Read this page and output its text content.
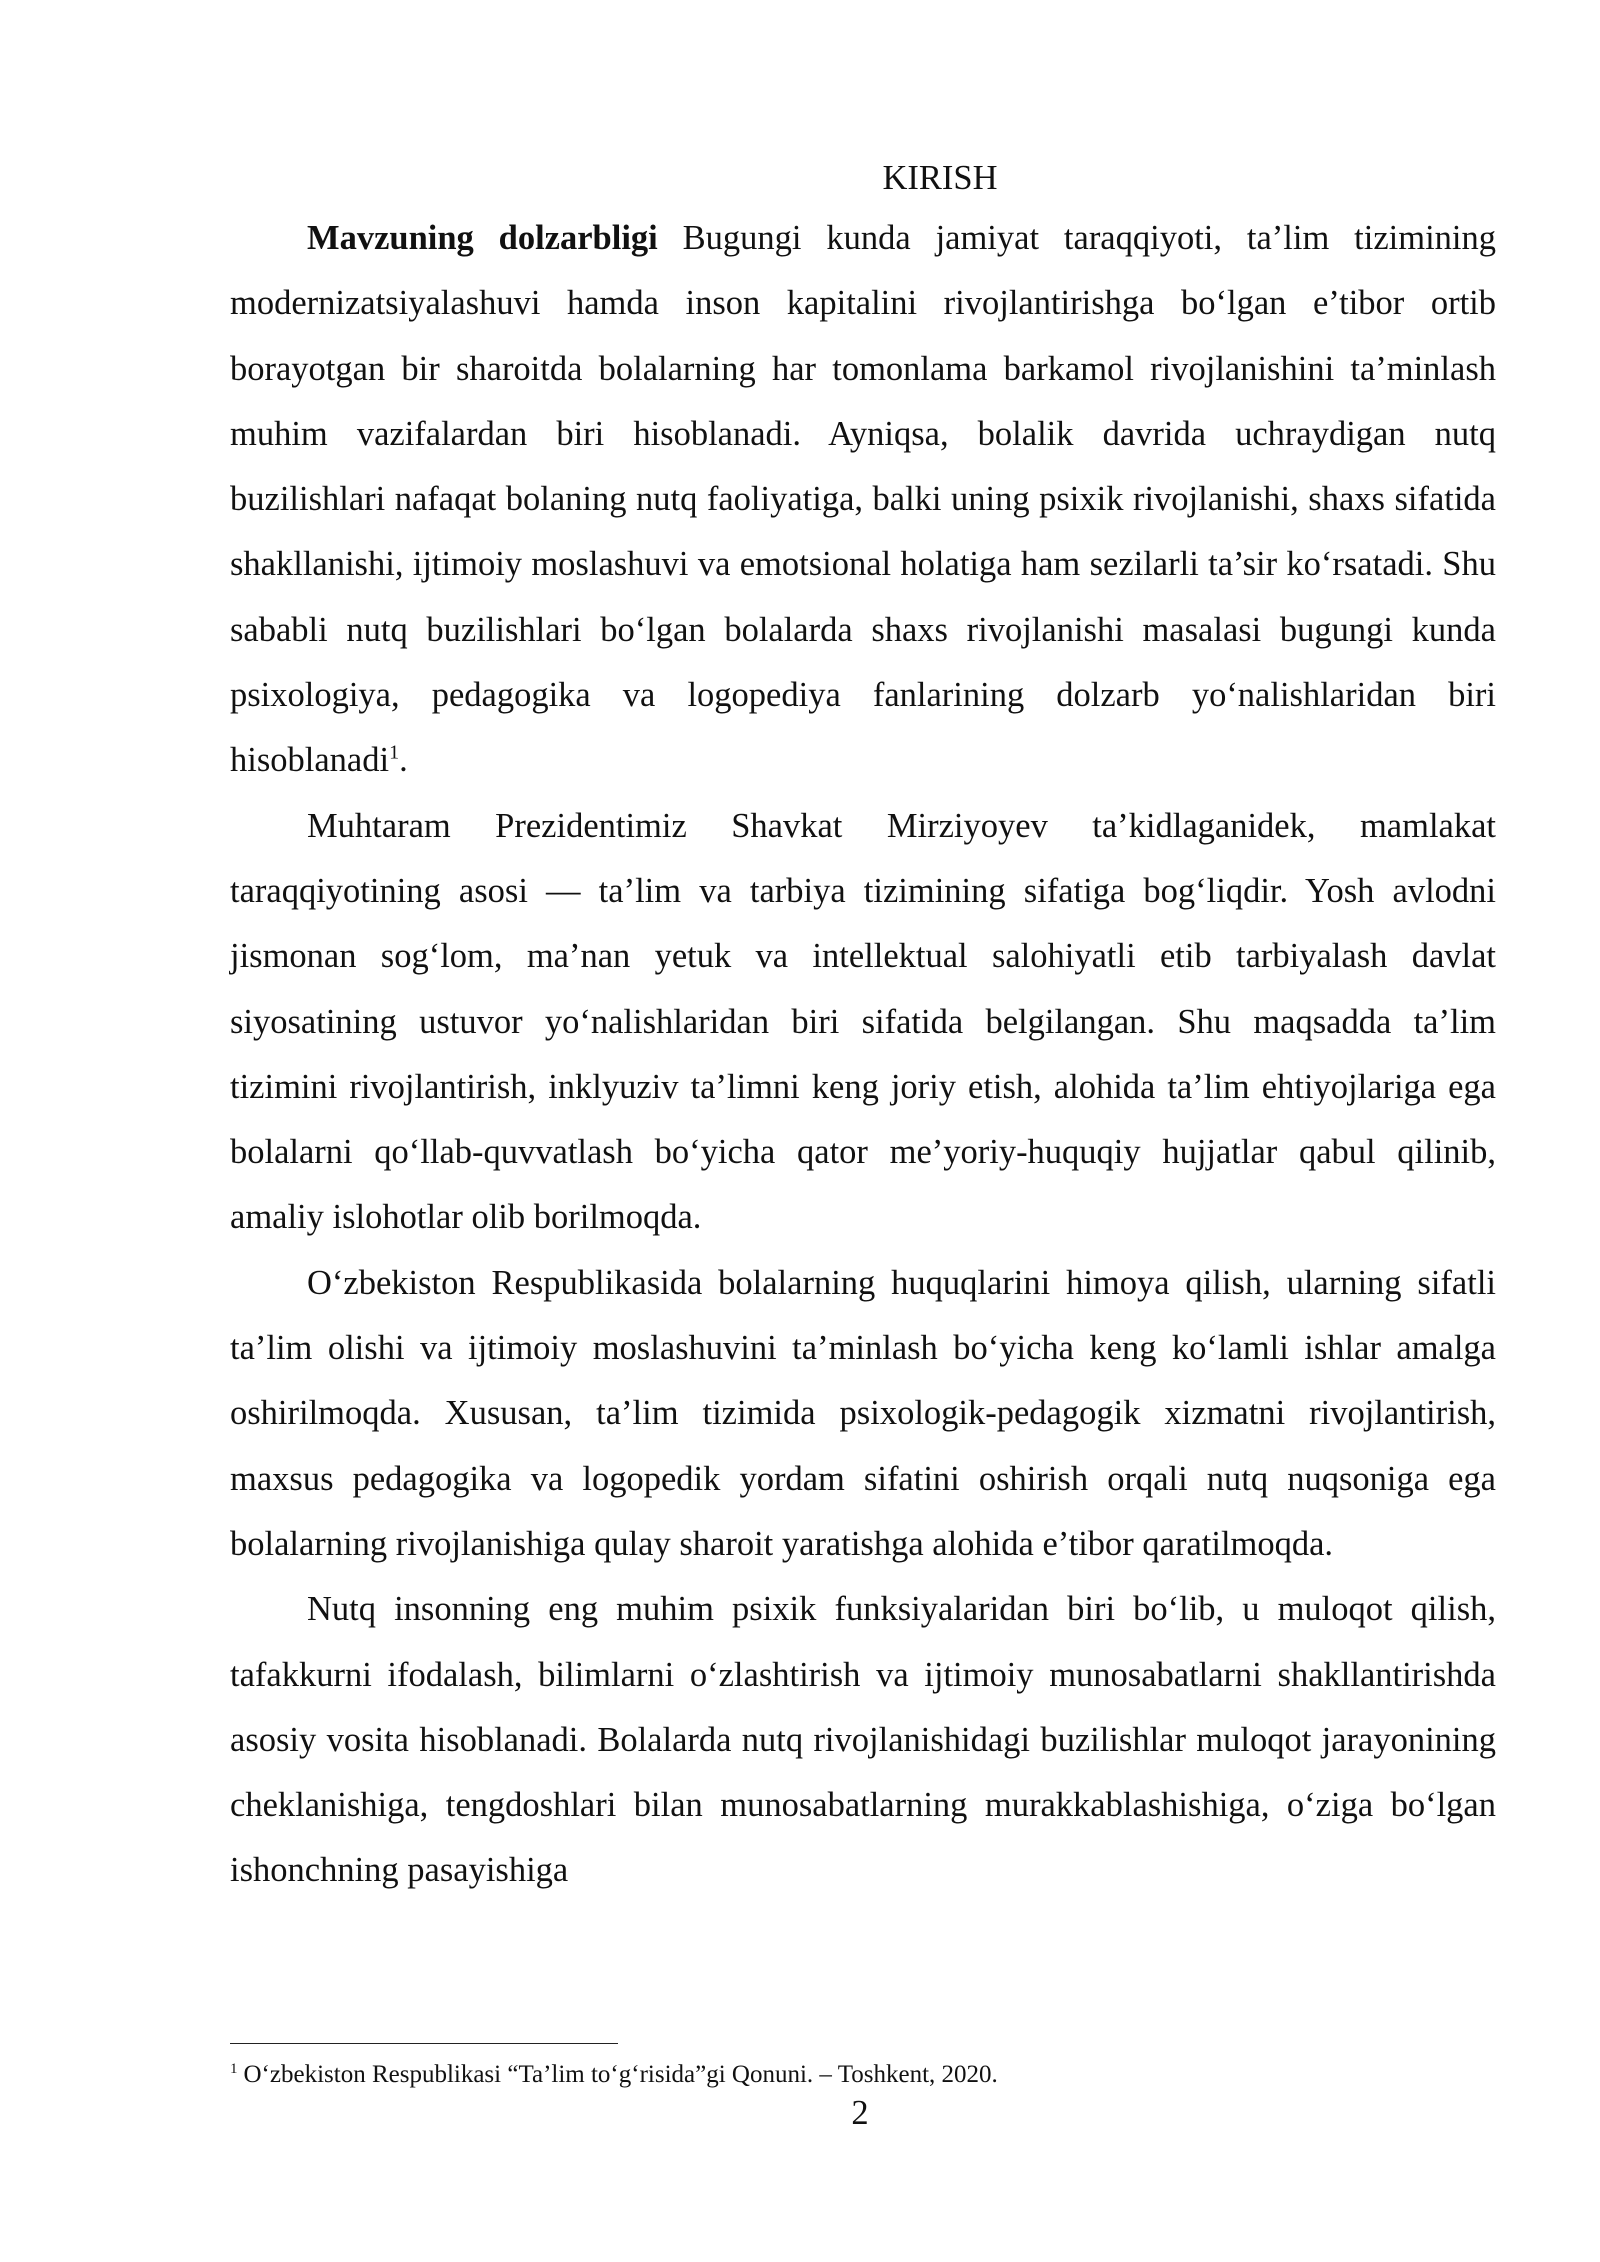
KIRISH

Mavzuning dolzarbligi Bugungi kunda jamiyat taraqqiyoti, ta’lim tizimining modernizatsiyalashuvi hamda inson kapitalini rivojlantirishga bo‘lgan e’tibor ortib borayotgan bir sharoitda bolalarning har tomonlama barkamol rivojlanishini ta’minlash muhim vazifalardan biri hisoblanadi. Ayniqsa, bolalik davrida uchraydigan nutq buzilishlari nafaqat bolaning nutq faoliyatiga, balki uning psixik rivojlanishi, shaxs sifatida shakllanishi, ijtimoiy moslashuvi va emotsional holatiga ham sezilarli ta’sir ko‘rsatadi. Shu sababli nutq buzilishlari bo‘lgan bolalarda shaxs rivojlanishi masalasi bugungi kunda psixologiya, pedagogika va logopediya fanlarining dolzarb yo‘nalishlaridan biri hisoblanadi$^1$.

Muhtaram Prezidentimiz Shavkat Mirziyoyev ta’kidlaganidek, mamlakat taraqqiyotining asosi — ta’lim va tarbiya tizimining sifatiga bog‘liqdir. Yosh avlodni jismonan sog‘lom, ma’nan yetuk va intellektual salohiyatli etib tarbiyalash davlat siyosatining ustuvor yo‘nalishlaridan biri sifatida belgilangan. Shu maqsadda ta’lim tizimini rivojlantirish, inklyuziv ta’limni keng joriy etish, alohida ta’lim ehtiyojlariga ega bolalarni qo‘llab-quvvatlash bo‘yicha qator me’yoriy-huquqiy hujjatlar qabul qilinib, amaliy islohotlar olib borilmoqda.

O‘zbekiston Respublikasida bolalarning huquqlarini himoya qilish, ularning sifatli ta’lim olishi va ijtimoiy moslashuvini ta’minlash bo‘yicha keng ko‘lamli ishlar amalga oshirilmoqda. Xususan, ta’lim tizimida psixologik-pedagogik xizmatni rivojlantirish, maxsus pedagogika va logopedik yordam sifatini oshirish orqali nutq nuqsoniga ega bolalarning rivojlanishiga qulay sharoit yaratishga alohida e’tibor qaratilmoqda.

Nutq insonning eng muhim psixik funksiyalaridan biri bo‘lib, u muloqot qilish, tafakkurni ifodalash, bilimlarni o‘zlashtirish va ijtimoiy munosabatlarni shakllantirishda asosiy vosita hisoblanadi. Bolalarda nutq rivojlanishidagi buzilishlar muloqot jarayonining cheklanishiga, tengdoshlari bilan munosabatlarning murakkablashishiga, o‘ziga bo‘lgan ishonchning pasayishiga

$^1$ O‘zbekiston Respublikasi “Ta’lim to‘g‘risida”gi Qonuni. – Toshkent, 2020.
2
